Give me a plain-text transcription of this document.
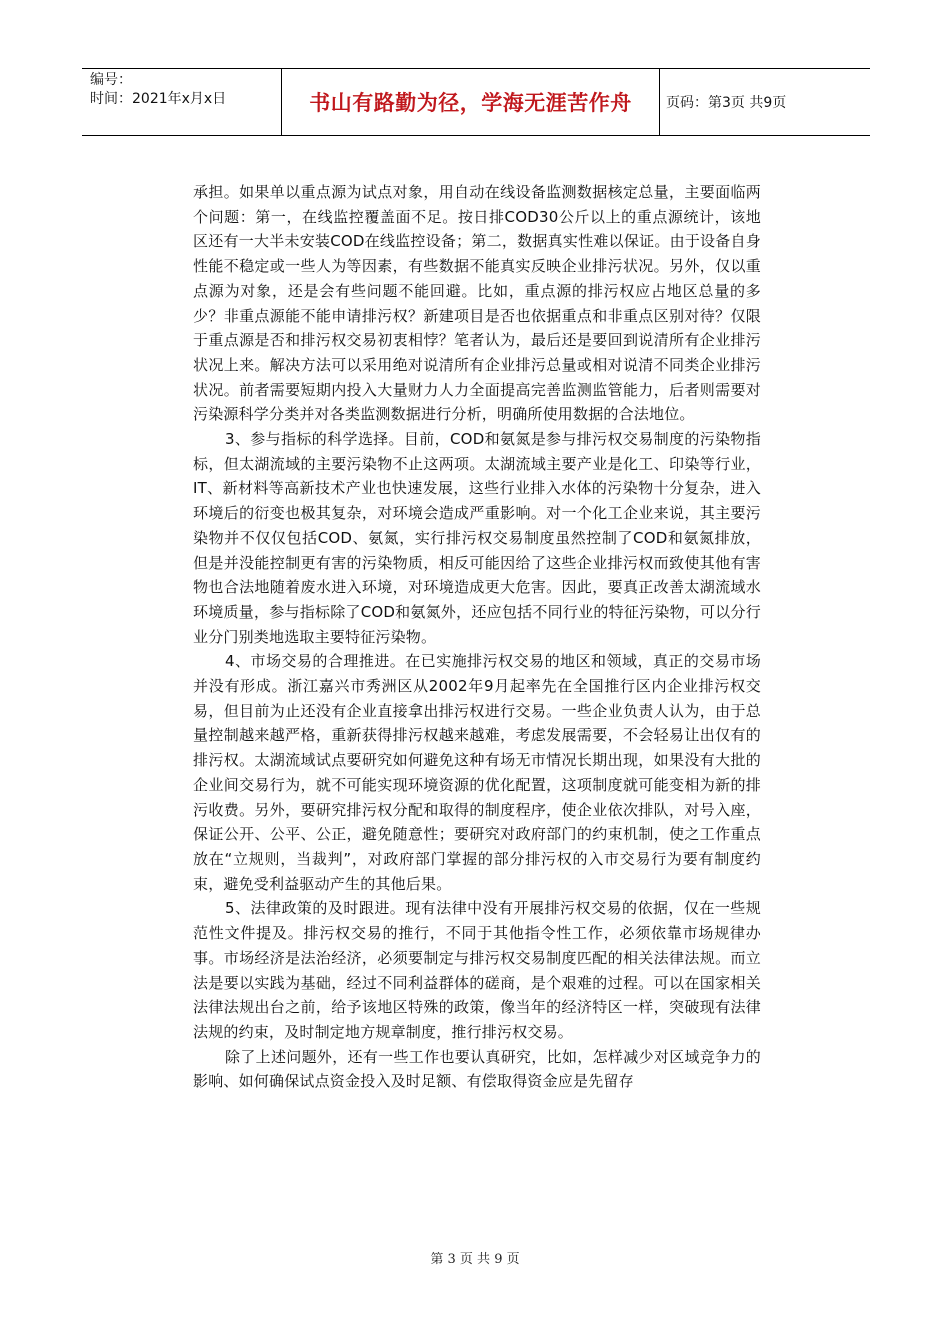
编号：
时间：2021年x月x日	书山有路勤为径，学海无涯苦作舟	页码：第3页 共9页

承担。如果单以重点源为试点对象，用自动在线设备监测数据核定总量，主要面临两个问题：第一，在线监控覆盖面不足。按日排COD30公斤以上的重点源统计，该地区还有一大半未安装COD在线监控设备；第二，数据真实性难以保证。由于设备自身性能不稳定或一些人为等因素，有些数据不能真实反映企业排污状况。另外，仅以重点源为对象，还是会有些问题不能回避。比如，重点源的排污权应占地区总量的多少？非重点源能不能申请排污权？新建项目是否也依据重点和非重点区别对待？仅限于重点源是否和排污权交易初衷相悖？笔者认为，最后还是要回到说清所有企业排污状况上来。解决方法可以采用绝对说清所有企业排污总量或相对说清不同类企业排污状况。前者需要短期内投入大量财力人力全面提高完善监测监管能力，后者则需要对污染源科学分类并对各类监测数据进行分析，明确所使用数据的合法地位。

3、参与指标的科学选择。目前，COD和氨氮是参与排污权交易制度的污染物指标，但太湖流域的主要污染物不止这两项。太湖流域主要产业是化工、印染等行业，IT、新材料等高新技术产业也快速发展，这些行业排入水体的污染物十分复杂，进入环境后的衍变也极其复杂，对环境会造成严重影响。对一个化工企业来说，其主要污染物并不仅仅包括COD、氨氮，实行排污权交易制度虽然控制了COD和氨氮排放，但是并没能控制更有害的污染物质，相反可能因给了这些企业排污权而致使其他有害物也合法地随着废水进入环境，对环境造成更大危害。因此，要真正改善太湖流域水环境质量，参与指标除了COD和氨氮外，还应包括不同行业的特征污染物，可以分行业分门别类地选取主要特征污染物。

4、市场交易的合理推进。在已实施排污权交易的地区和领域，真正的交易市场并没有形成。浙江嘉兴市秀洲区从2002年9月起率先在全国推行区内企业排污权交易，但目前为止还没有企业直接拿出排污权进行交易。一些企业负责人认为，由于总量控制越来越严格，重新获得排污权越来越难，考虑发展需要，不会轻易让出仅有的排污权。太湖流域试点要研究如何避免这种有场无市情况长期出现，如果没有大批的企业间交易行为，就不可能实现环境资源的优化配置，这项制度就可能变相为新的排污收费。另外，要研究排污权分配和取得的制度程序，使企业依次排队，对号入座，保证公开、公平、公正，避免随意性；要研究对政府部门的约束机制，使之工作重点放在“立规则，当裁判”，对政府部门掌握的部分排污权的入市交易行为要有制度约束，避免受利益驱动产生的其他后果。

5、法律政策的及时跟进。现有法律中没有开展排污权交易的依据，仅在一些规范性文件提及。排污权交易的推行，不同于其他指令性工作，必须依靠市场规律办事。市场经济是法治经济，必须要制定与排污权交易制度匹配的相关法律法规。而立法是要以实践为基础，经过不同利益群体的磋商，是个艰难的过程。可以在国家相关法律法规出台之前，给予该地区特殊的政策，像当年的经济特区一样，突破现有法律法规的约束，及时制定地方规章制度，推行排污权交易。

除了上述问题外，还有一些工作也要认真研究，比如，怎样减少对区域竞争力的影响、如何确保试点资金投入及时足额、有偿取得资金应是先留存

第 3 页 共 9 页
